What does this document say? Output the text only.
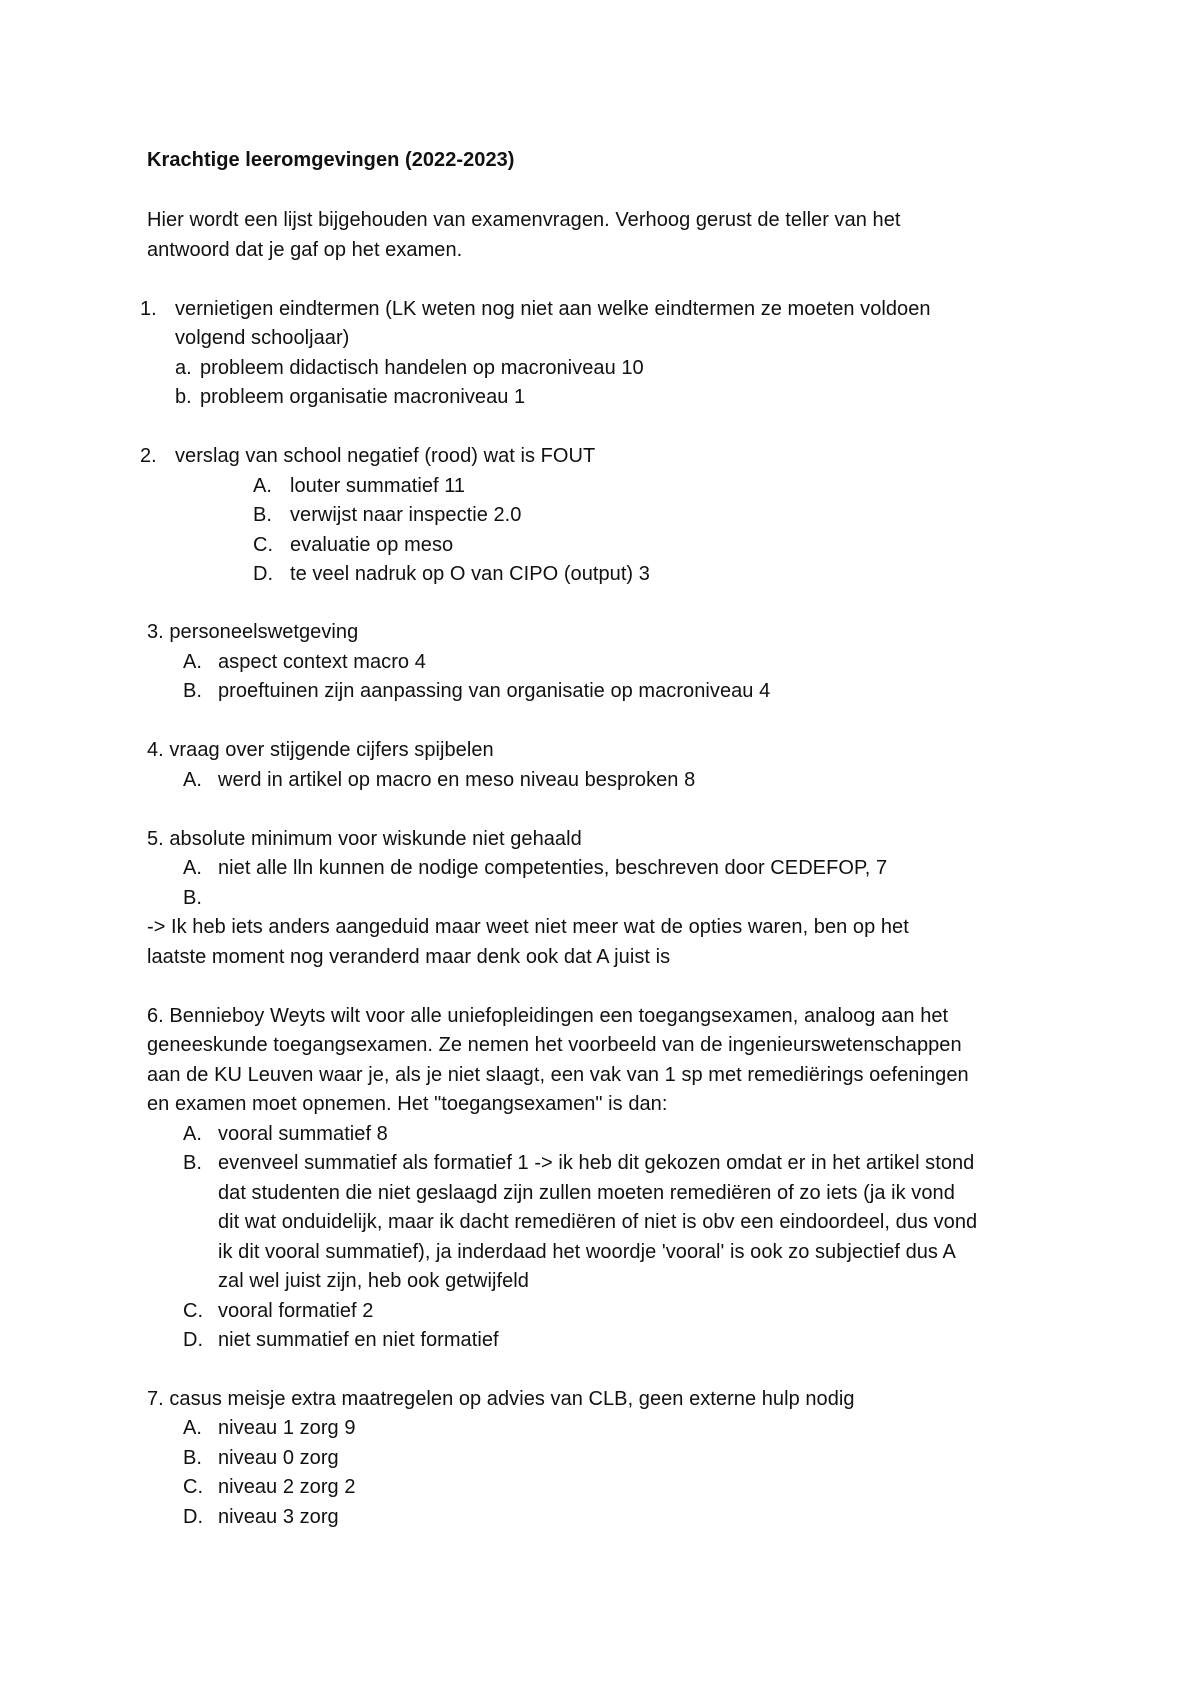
Krachtige leeromgevingen (2022-2023)
Hier wordt een lijst bijgehouden van examenvragen. Verhoog gerust de teller van het
antwoord dat je gaf op het examen.
1. vernietigen eindtermen (LK weten nog niet aan welke eindtermen ze moeten voldoen
volgend schooljaar)
a. probleem didactisch handelen op macroniveau 10
b. probleem organisatie macroniveau 1
2. verslag van school negatief (rood) wat is FOUT
A. louter summatief 11
B. verwijst naar inspectie 2.0
C. evaluatie op meso
D. te veel nadruk op O van CIPO (output) 3
3. personeelswetgeving
A. aspect context macro 4
B. proeftuinen zijn aanpassing van organisatie op macroniveau 4
4. vraag over stijgende cijfers spijbelen
A. werd in artikel op macro en meso niveau besproken 8
5. absolute minimum voor wiskunde niet gehaald
A. niet alle lln kunnen de nodige competenties, beschreven door CEDEFOP, 7
B.
-> Ik heb iets anders aangeduid maar weet niet meer wat de opties waren, ben op het
laatste moment nog veranderd maar denk ook dat A juist is
6. Bennieboy Weyts wilt voor alle uniefopleidingen een toegangsexamen, analoog aan het
geneeskunde toegangsexamen. Ze nemen het voorbeeld van de ingenieurswetenschappen
aan de KU Leuven waar je, als je niet slaagt, een vak van 1 sp met remediërings oefeningen
en examen moet opnemen. Het "toegangsexamen" is dan:
A. vooral summatief 8
B. evenveel summatief als formatief 1 -> ik heb dit gekozen omdat er in het artikel stond
dat studenten die niet geslaagd zijn zullen moeten remediëren of zo iets (ja ik vond
dit wat onduidelijk, maar ik dacht remediëren of niet is obv een eindoordeel, dus vond
ik dit vooral summatief), ja inderdaad het woordje 'vooral' is ook zo subjectief dus A
zal wel juist zijn, heb ook getwijfeld
C. vooral formatief 2
D. niet summatief en niet formatief
7. casus meisje extra maatregelen op advies van CLB, geen externe hulp nodig
A. niveau 1 zorg 9
B. niveau 0 zorg
C. niveau 2 zorg 2
D. niveau 3 zorg
